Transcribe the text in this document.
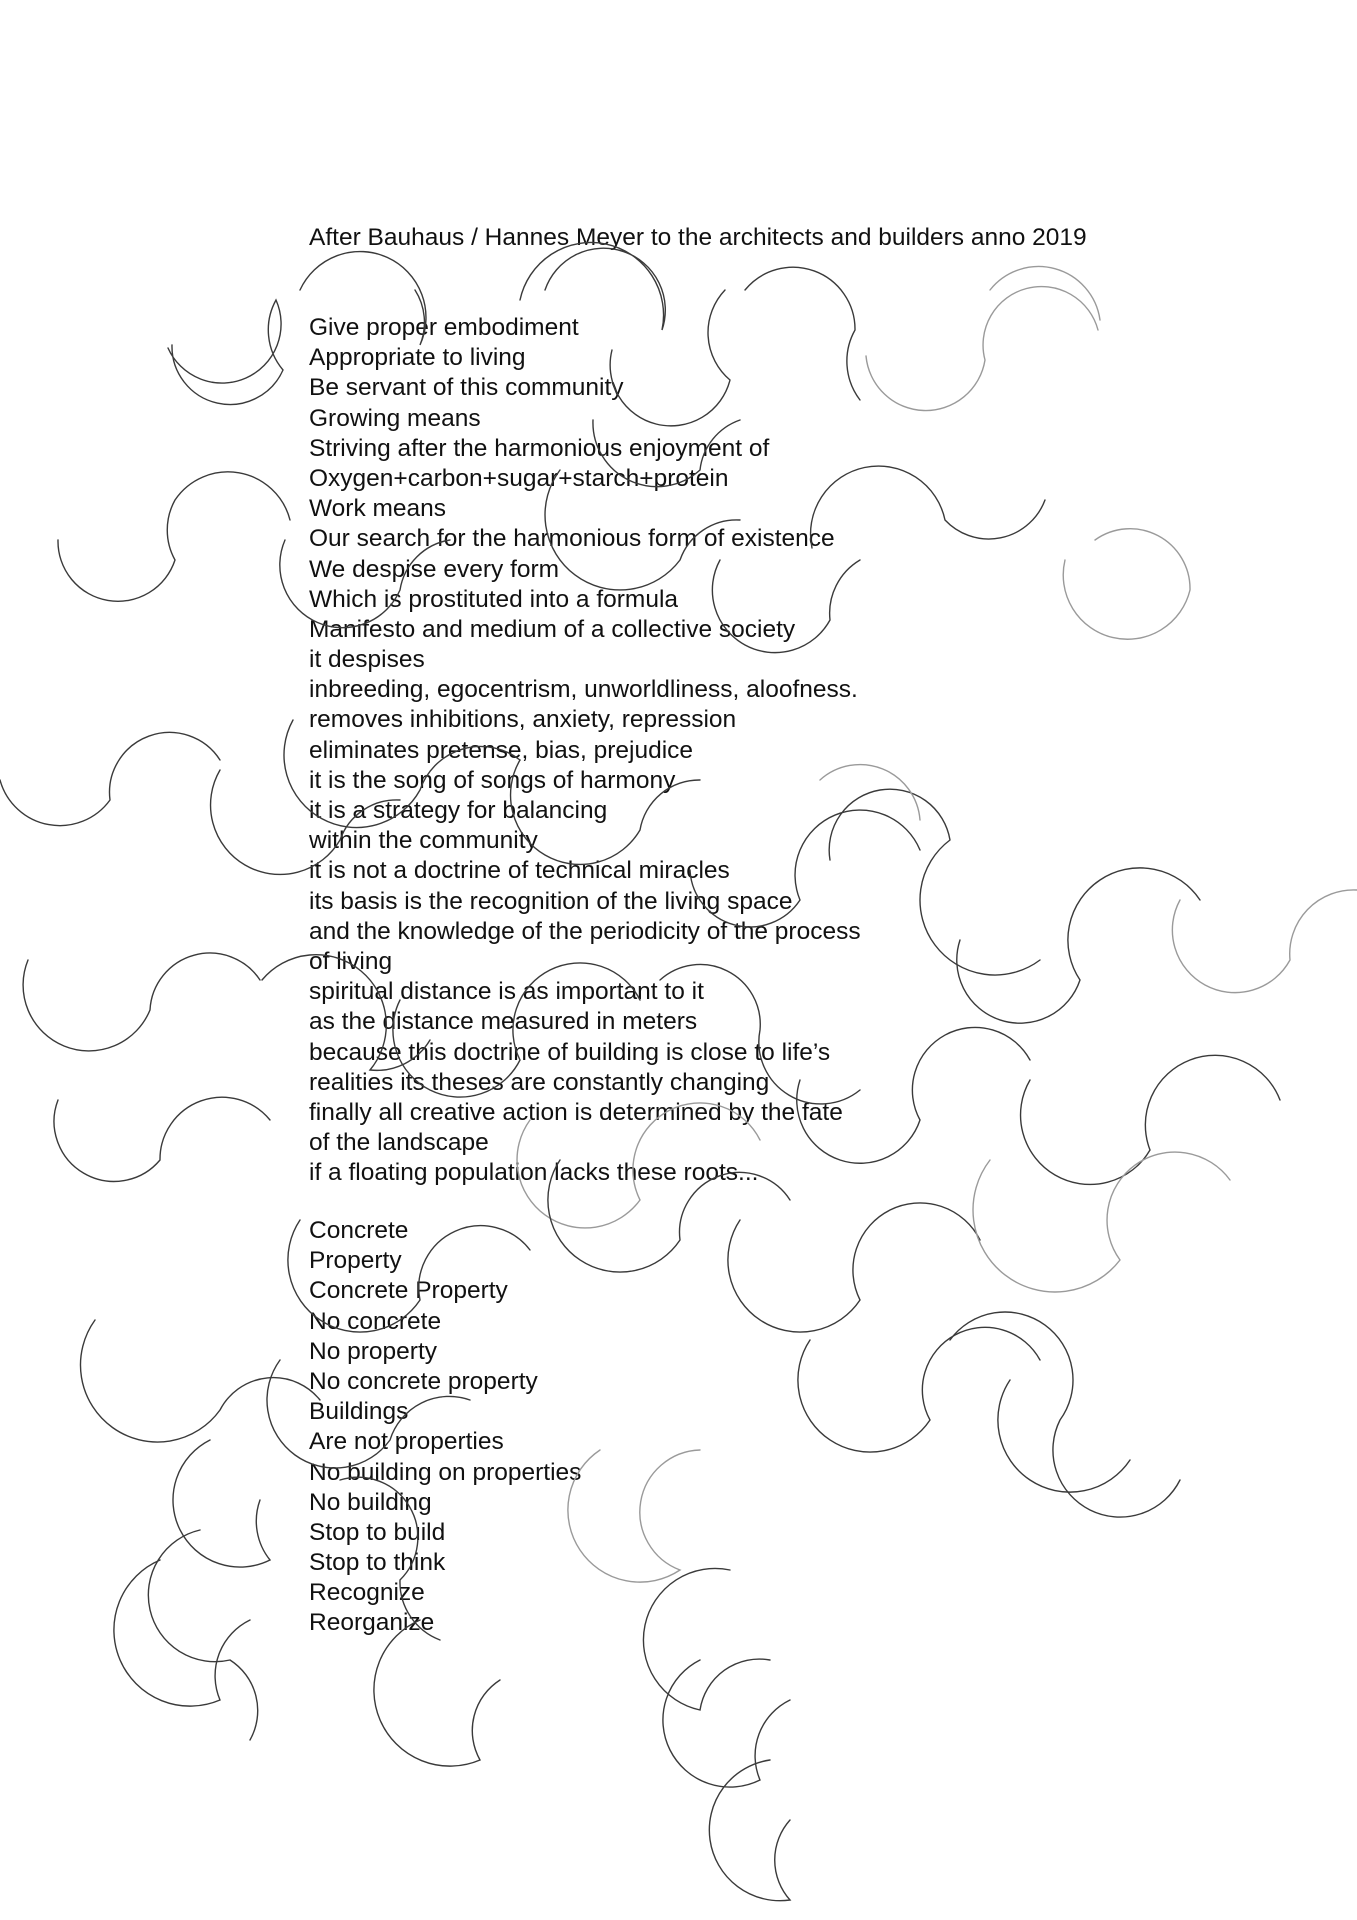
After Bauhaus / Hannes Meyer to the architects and builders anno 2019
Give proper embodiment
Appropriate to living
Be servant of this community
Growing means
Striving after the harmonious enjoyment of
Oxygen+carbon+sugar+starch+protein
Work means
Our search for the harmonious form of existence
We despise every form
Which is prostituted into a formula
Manifesto and medium of a collective society
it despises
inbreeding, egocentrism, unworldliness, aloofness.
removes inhibitions, anxiety, repression
eliminates pretense, bias, prejudice
it is the song of songs of harmony
it is a strategy for balancing
within the community
it is not a doctrine of technical miracles
its basis is the recognition of the living space
and the knowledge of the periodicity of the process
of living
spiritual distance is as important to it
as the distance measured in meters
because this doctrine of building is close to life’s
realities its theses are constantly changing
finally all creative action is determined by the fate
of the landscape
if a floating population lacks these roots...
Concrete
Property
Concrete Property
No concrete
No property
No concrete property
Buildings
Are not properties
No building on properties
No building
Stop to build
Stop to think
Recognize
Reorganize
